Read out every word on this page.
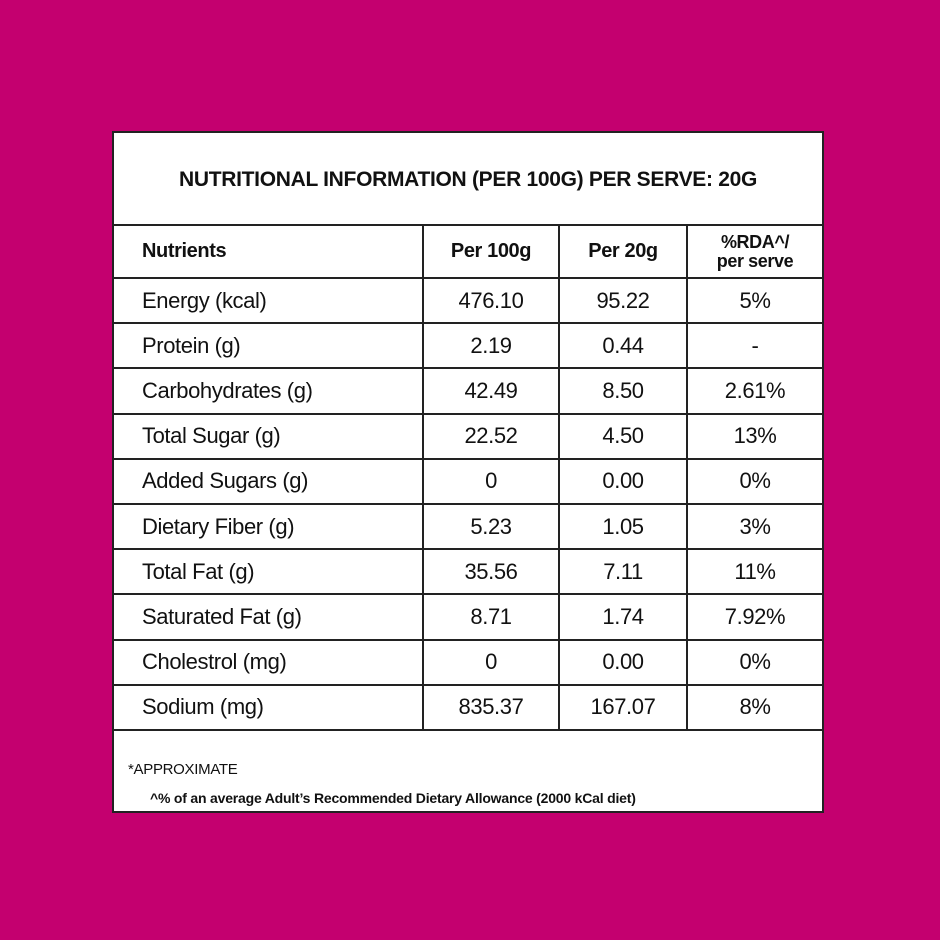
NUTRITIONAL INFORMATION (PER 100G) PER SERVE: 20G
Nutrients	Per 100g	Per 20g	%RDA^/
per serve

Energy (kcal)	476.10	95.22	5%
Protein (g)	2.19	0.44	-
Carbohydrates (g)	42.49	8.50	2.61%
Total Sugar (g)	22.52	4.50	13%
Added Sugars (g)	0	0.00	0%
Dietary Fiber (g)	5.23	1.05	3%
Total Fat (g)	35.56	7.11	11%
Saturated Fat (g)	8.71	1.74	7.92%
Cholestrol (mg)	0	0.00	0%
Sodium (mg)	835.37	167.07	8%
*APPROXIMATE
^% of an average Adult’s Recommended Dietary Allowance (2000 kCal diet)
